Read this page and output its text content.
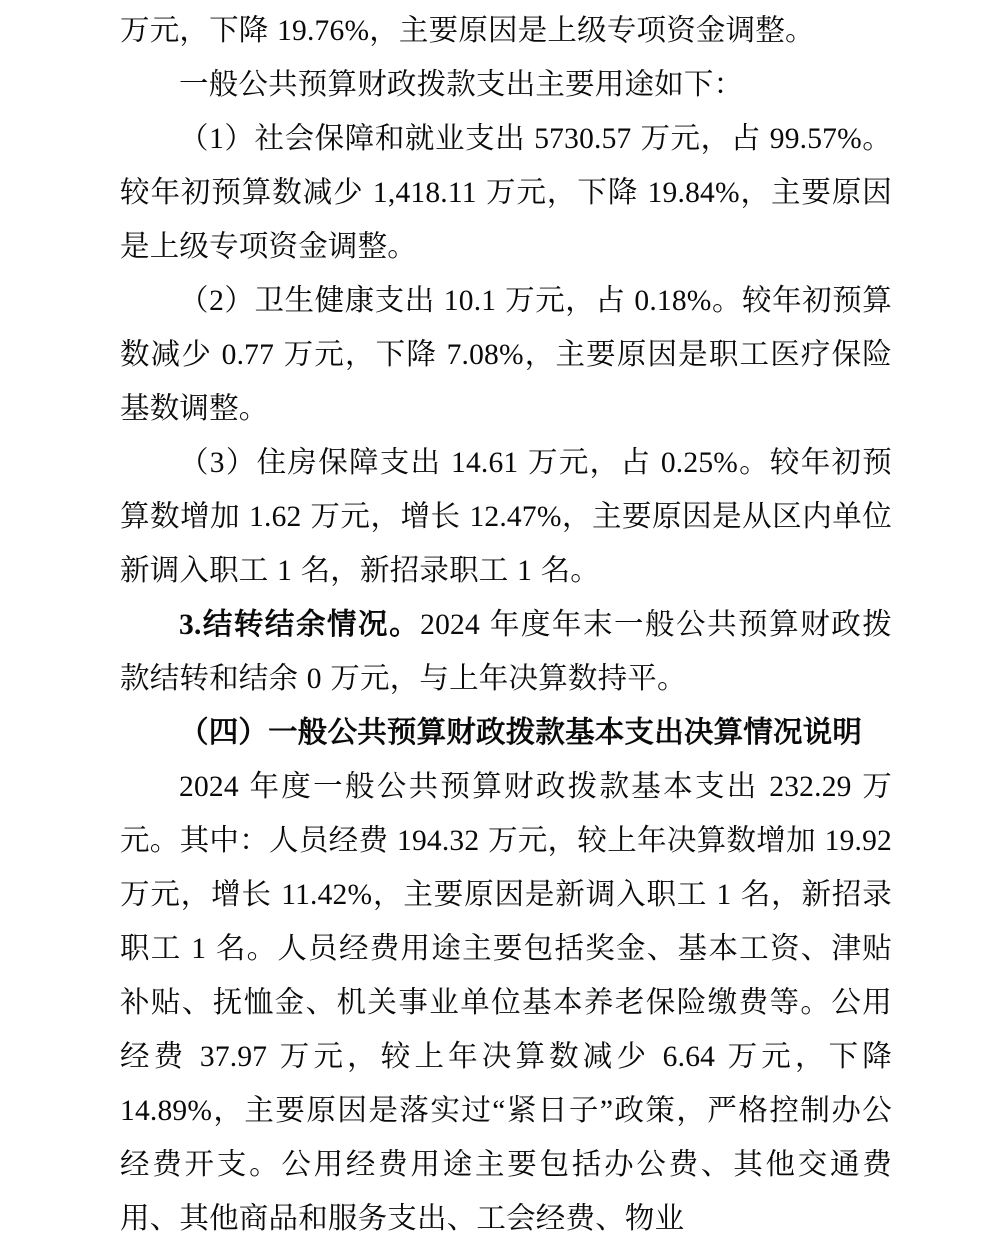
万元，下降 19.76%，主要原因是上级专项资金调整。

一般公共预算财政拨款支出主要用途如下：

（1）社会保障和就业支出 5730.57 万元，占 99.57%。较年初预算数减少 1,418.11 万元，下降 19.84%，主要原因是上级专项资金调整。

（2）卫生健康支出 10.1 万元，占 0.18%。较年初预算数减少 0.77 万元，下降 7.08%，主要原因是职工医疗保险基数调整。

（3）住房保障支出 14.61 万元，占 0.25%。较年初预算数增加 1.62 万元，增长 12.47%，主要原因是从区内单位新调入职工 1 名，新招录职工 1 名。

3.结转结余情况。2024 年度年末一般公共预算财政拨款结转和结余 0 万元，与上年决算数持平。

（四）一般公共预算财政拨款基本支出决算情况说明

2024 年度一般公共预算财政拨款基本支出 232.29 万元。其中：人员经费 194.32 万元，较上年决算数增加 19.92 万元，增长 11.42%，主要原因是新调入职工 1 名，新招录职工 1 名。人员经费用途主要包括奖金、基本工资、津贴补贴、抚恤金、机关事业单位基本养老保险缴费等。公用经费 37.97 万元，较上年决算数减少 6.64 万元，下降 14.89%，主要原因是落实过“紧日子”政策，严格控制办公经费开支。公用经费用途主要包括办公费、其他交通费用、其他商品和服务支出、工会经费、物业
